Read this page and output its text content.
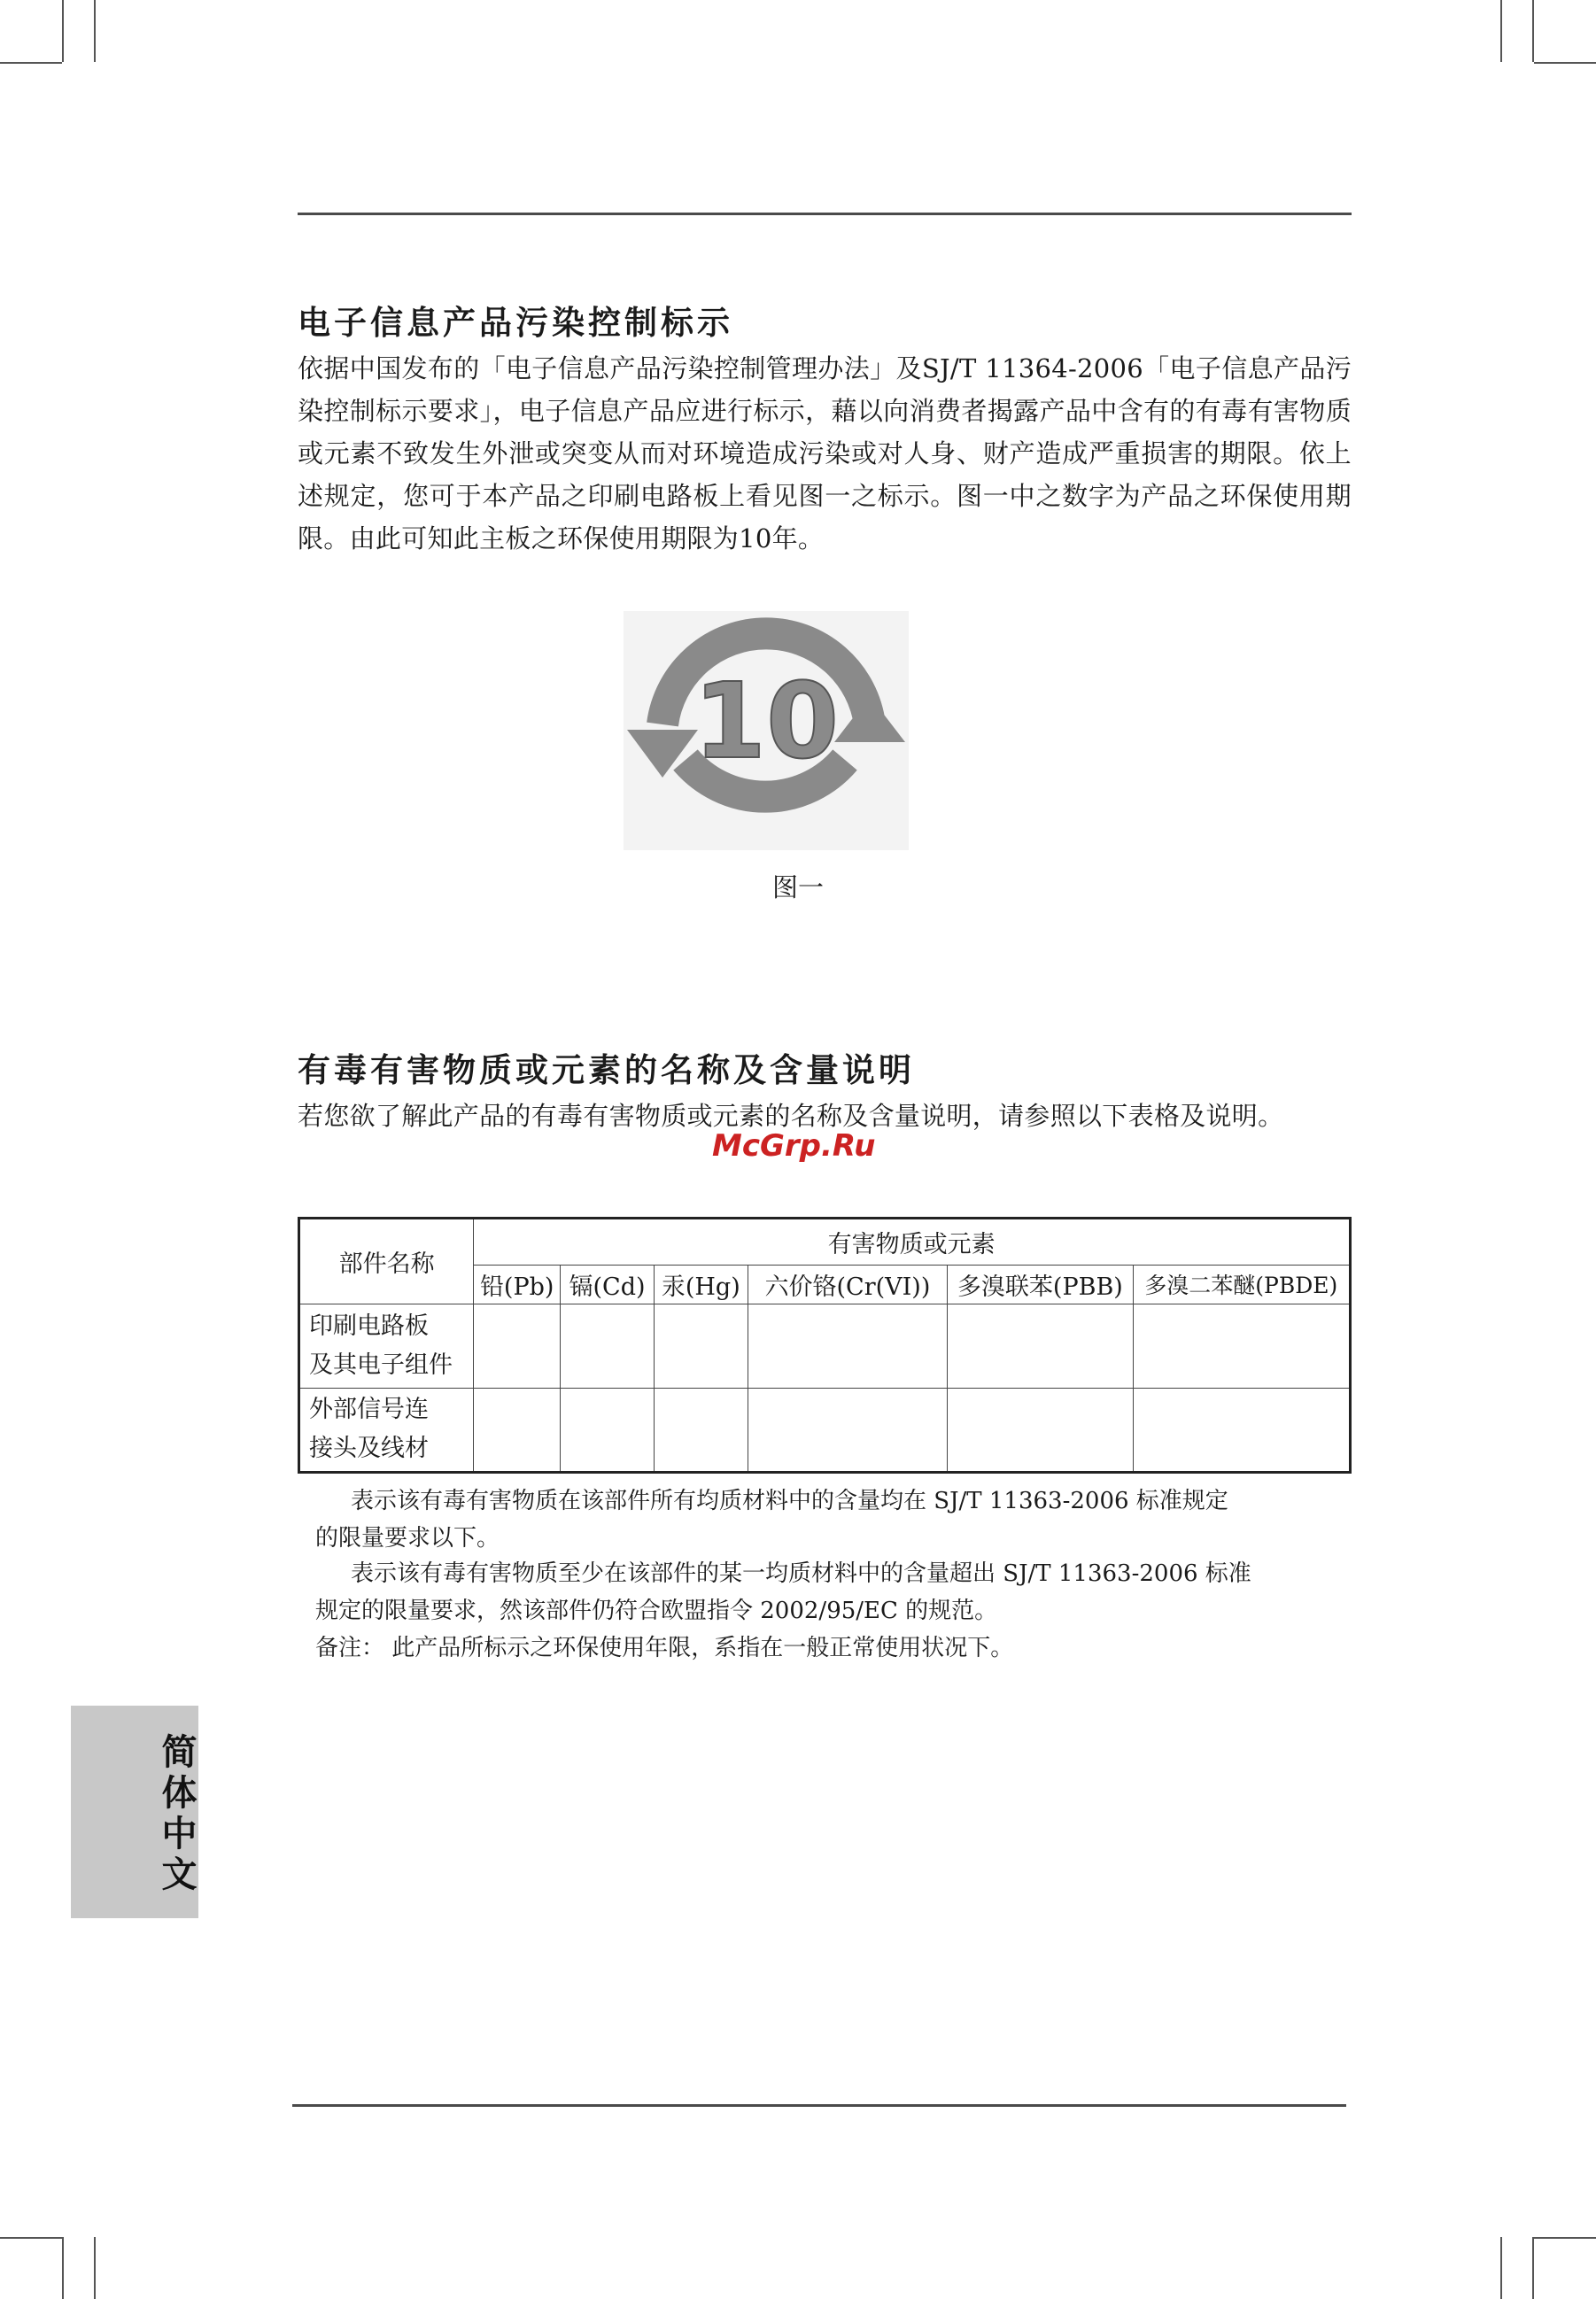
电子信息产品污染控制标示
依据中国发布的「电子信息产品污染控制管理办法」及SJ/T 11364-2006「电子信息产品污染控制标示要求」，电子信息产品应进行标示，藉以向消费者揭露产品中含有的有毒有害物质或元素不致发生外泄或突变从而对环境造成污染或对人身、财产造成严重损害的期限。依上述规定，您可于本产品之印刷电路板上看见图一之标示。图一中之数字为产品之环保使用期限。由此可知此主板之环保使用期限为10年。
10
图一
有毒有害物质或元素的名称及含量说明
若您欲了解此产品的有毒有害物质或元素的名称及含量说明，请参照以下表格及说明。
McGrp.Ru
部件名称	有害物质或元素					
	铅(Pb)	镉(Cd)	汞(Hg)	六价铬(Cr(VI))	多溴联苯(PBB)	多溴二苯醚(PBDE)

印刷电路板
及其电子组件						

外部信号连
接头及线材						

表示该有毒有害物质在该部件所有均质材料中的含量均在 SJ/T 11363-2006 标准规定
的限量要求以下。
表示该有毒有害物质至少在该部件的某一均质材料中的含量超出 SJ/T 11363-2006 标准
规定的限量要求，然该部件仍符合欧盟指令 2002/95/EC 的规范。
备注： 此产品所标示之环保使用年限，系指在一般正常使用状况下。
简体中文
